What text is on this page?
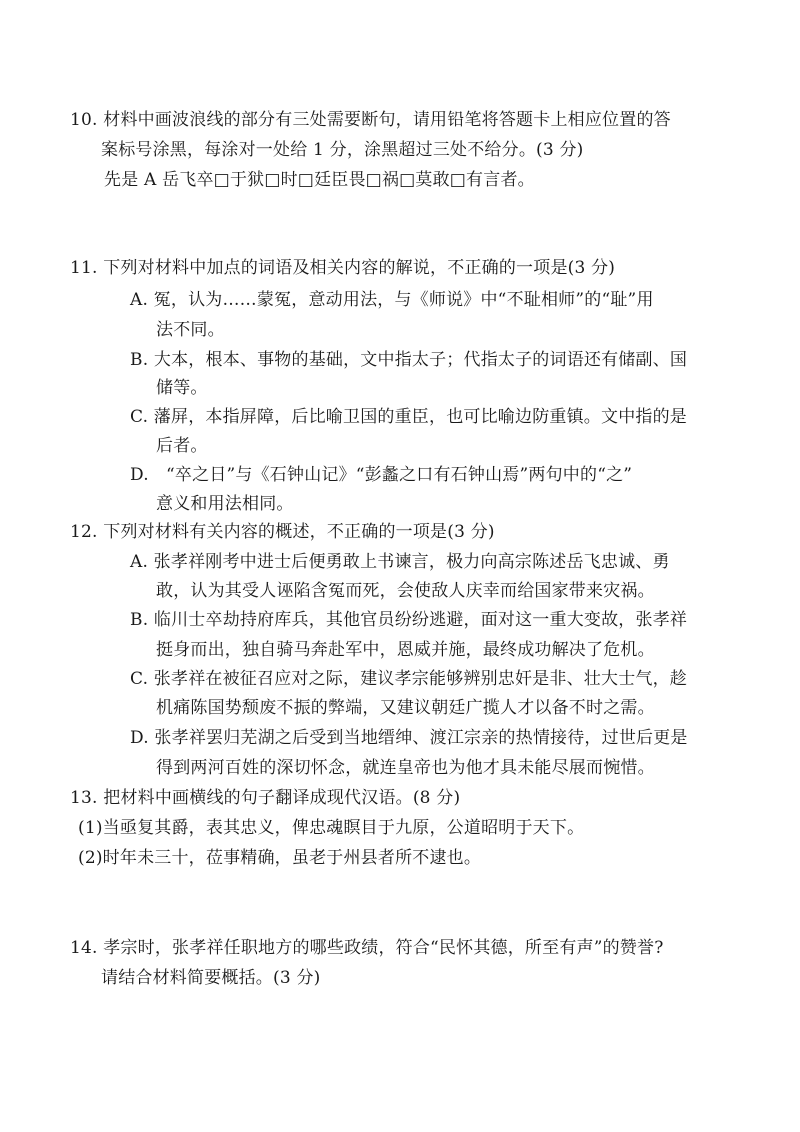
10. 材料中画波浪线的部分有三处需要断句，请用铅笔将答题卡上相应位置的答
案标号涂黑，每涂对一处给 1 分，涂黑超过三处不给分。(3 分)
先是 A 岳飞卒□于狱□时□廷臣畏□祸□莫敢□有言者。
11. 下列对材料中加点的词语及相关内容的解说，不正确的一项是(3 分)
A. 冤，认为……蒙冤，意动用法，与《师说》中“不耻相师”的“耻”用
法不同。
B. 大本，根本、事物的基础，文中指太子；代指太子的词语还有储副、国
储等。
C. 藩屏，本指屏障，后比喻卫国的重臣，也可比喻边防重镇。文中指的是
后者。
D.　“卒之日”与《石钟山记》“彭蠡之口有石钟山焉”两句中的“之”
意义和用法相同。
12. 下列对材料有关内容的概述，不正确的一项是(3 分)
A. 张孝祥刚考中进士后便勇敢上书谏言，极力向高宗陈述岳飞忠诚、勇
敢，认为其受人诬陷含冤而死，会使敌人庆幸而给国家带来灾祸。
B. 临川士卒劫持府库兵，其他官员纷纷逃避，面对这一重大变故，张孝祥
挺身而出，独自骑马奔赴军中，恩威并施，最终成功解决了危机。
C. 张孝祥在被征召应对之际，建议孝宗能够辨别忠奸是非、壮大士气，趁
机痛陈国势颓废不振的弊端，又建议朝廷广揽人才以备不时之需。
D. 张孝祥罢归芜湖之后受到当地缙绅、渡江宗亲的热情接待，过世后更是
得到两河百姓的深切怀念，就连皇帝也为他才具未能尽展而惋惜。
13. 把材料中画横线的句子翻译成现代汉语。(8 分)
(1)当亟复其爵，表其忠义，俾忠魂瞑目于九原，公道昭明于天下。
(2)时年未三十，莅事精确，虽老于州县者所不逮也。
14. 孝宗时，张孝祥任职地方的哪些政绩，符合“民怀其德，所至有声”的赞誉?
请结合材料简要概括。(3 分)
